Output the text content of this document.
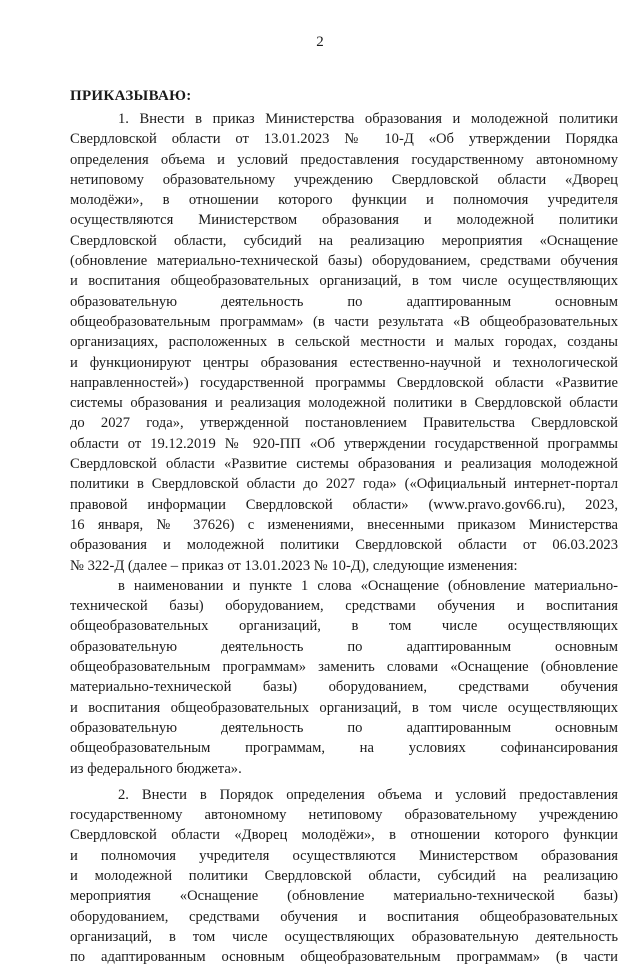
2
ПРИКАЗЫВАЮ:
1. Внести в приказ Министерства образования и молодежной политики
Свердловской области от 13.01.2023 № 10-Д «Об утверждении Порядка
определения объема и условий предоставления государственному автономному
нетиповому образовательному учреждению Свердловской области «Дворец
молодёжи», в отношении которого функции и полномочия учредителя
осуществляются Министерством образования и молодежной политики
Свердловской области, субсидий на реализацию мероприятия «Оснащение
(обновление материально-технической базы) оборудованием, средствами обучения
и воспитания общеобразовательных организаций, в том числе осуществляющих
образовательную деятельность по адаптированным основным
общеобразовательным программам» (в части результата «В общеобразовательных
организациях, расположенных в сельской местности и малых городах, созданы
и функционируют центры образования естественно-научной и технологической
направленностей») государственной программы Свердловской области «Развитие
системы образования и реализация молодежной политики в Свердловской области
до 2027 года», утвержденной постановлением Правительства Свердловской
области от 19.12.2019 № 920-ПП «Об утверждении государственной программы
Свердловской области «Развитие системы образования и реализация молодежной
политики в Свердловской области до 2027 года» («Официальный интернет-портал
правовой информации Свердловской области» (www.pravo.gov66.ru), 2023,
16 января, № 37626) с изменениями, внесенными приказом Министерства
образования и молодежной политики Свердловской области от 06.03.2023
№ 322-Д (далее – приказ от 13.01.2023 № 10-Д), следующие изменения:
в наименовании и пункте 1 слова «Оснащение (обновление материально-
технической базы) оборудованием, средствами обучения и воспитания
общеобразовательных организаций, в том числе осуществляющих
образовательную деятельность по адаптированным основным
общеобразовательным программам» заменить словами «Оснащение (обновление
материально-технической базы) оборудованием, средствами обучения
и воспитания общеобразовательных организаций, в том числе осуществляющих
образовательную деятельность по адаптированным основным
общеобразовательным программам, на условиях софинансирования
из федерального бюджета».
2. Внести в Порядок определения объема и условий предоставления
государственному автономному нетиповому образовательному учреждению
Свердловской области «Дворец молодёжи», в отношении которого функции
и полномочия учредителя осуществляются Министерством образования
и молодежной политики Свердловской области, субсидий на реализацию
мероприятия «Оснащение (обновление материально-технической базы)
оборудованием, средствами обучения и воспитания общеобразовательных
организаций, в том числе осуществляющих образовательную деятельность
по адаптированным основным общеобразовательным программам» (в части
